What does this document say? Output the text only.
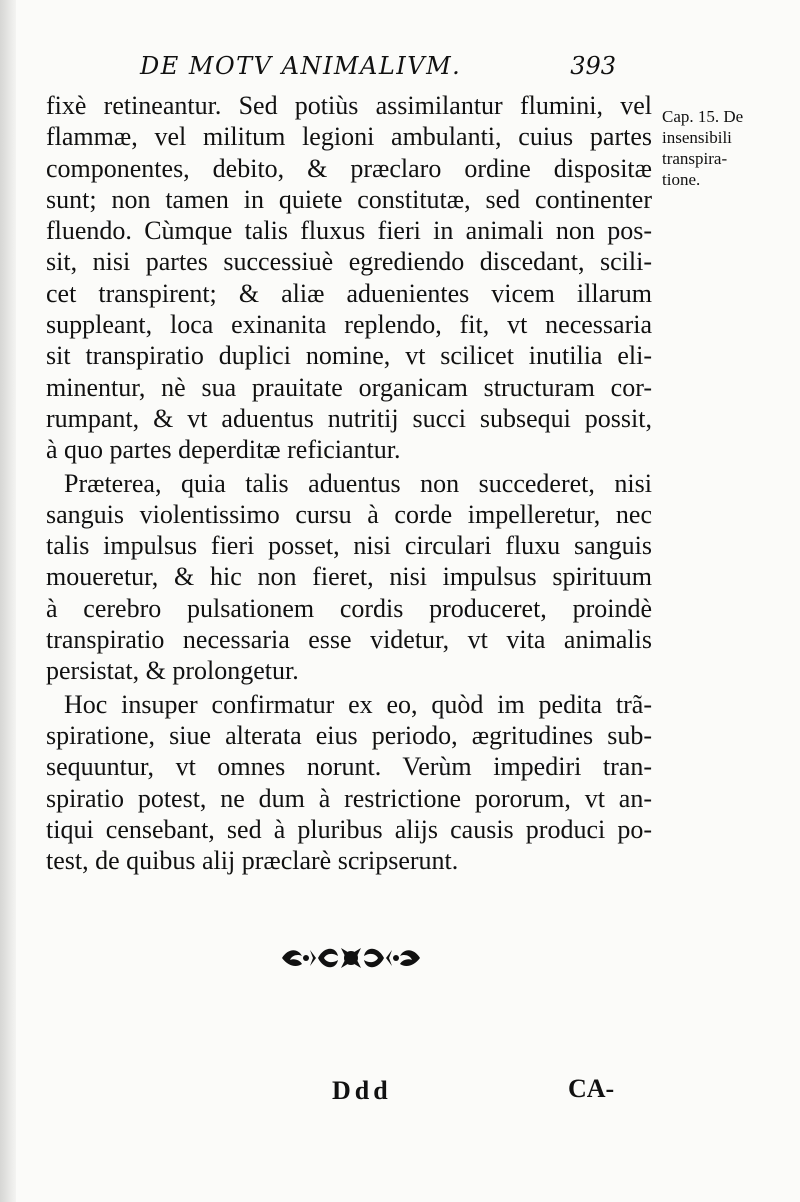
DE MOTV ANIMALIVM.	393
fixè retineantur. Sed potiùs assimilantur flumini, vel
flammæ, vel militum legioni ambulanti, cuius partes
componentes, debito, & præclaro ordine dispositæ
sunt; non tamen in quiete constitutæ, sed continenter
fluendo. Cùmque talis fluxus fieri in animali non pos-
sit, nisi partes successiuè egrediendo discedant, scili-
cet transpirent; & aliæ aduenientes vicem illarum
suppleant, loca exinanita replendo, fit, vt necessaria
sit transpiratio duplici nomine, vt scilicet inutilia eli-
minentur, nè sua prauitate organicam structuram cor-
rumpant, & vt aduentus nutritij succi subsequi possit,
à quo partes deperditæ reficiantur.
Præterea, quia talis aduentus non succederet, nisi
sanguis violentissimo cursu à corde impelleretur, nec
talis impulsus fieri posset, nisi circulari fluxu sanguis
moueretur, & hic non fieret, nisi impulsus spirituum
à cerebro pulsationem cordis produceret, proindè
transpiratio necessaria esse videtur, vt vita animalis
persistat, & prolongetur.
Hoc insuper confirmatur ex eo, quòd im pedita trã-
spiratione, siue alterata eius periodo, ægritudines sub-
sequuntur, vt omnes norunt. Verùm impediri tran-
spiratio potest, ne dum à restrictione pororum, vt an-
tiqui censebant, sed à pluribus alijs causis produci po-
test, de quibus alij præclarè scripserunt.
Cap. 15. De
insensibili
transpira-
tione.
Ddd	CA-
